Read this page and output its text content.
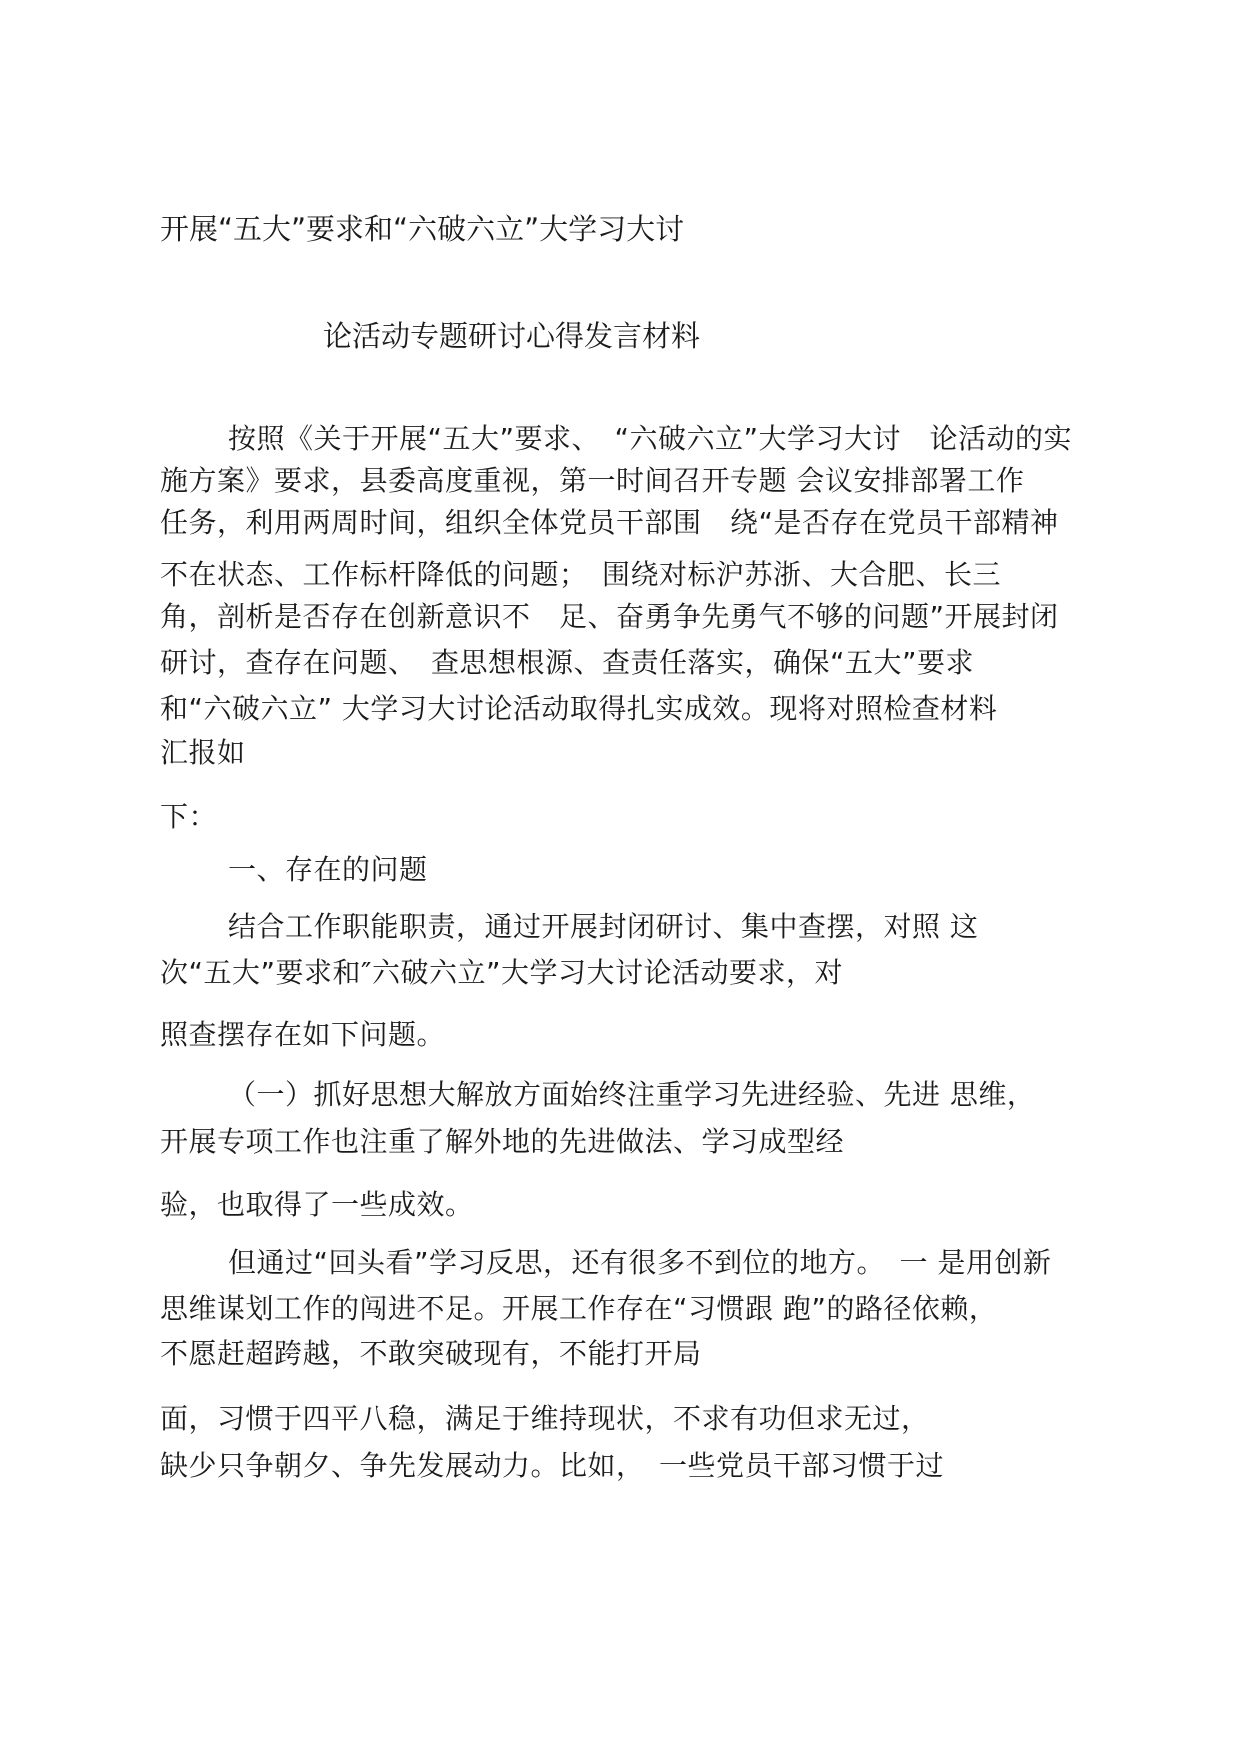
开展“五大”要求和“六破六立”大学习大讨
论活动专题研讨心得发言材料
按照《关于开展“五大”要求、　“六破六立”大学习大讨　论活动的实
施方案》要求，县委高度重视，第一时间召开专题 会议安排部署工作
任务，利用两周时间，组织全体党员干部围　绕“是否存在党员干部精神
不在状态、工作标杆降低的问题；　围绕对标沪苏浙、大合肥、长三
角，剖析是否存在创新意识不　足、奋勇争先勇气不够的问题”开展封闭
研讨，查存在问题、　查思想根源、查责任落实，确保“五大”要求
和“六破六立” 大学习大讨论活动取得扎实成效。现将对照检查材料
汇报如
下：
一、存在的问题
结合工作职能职责，通过开展封闭研讨、集中查摆，对照 这
次“五大”要求和″六破六立”大学习大讨论活动要求，对
照查摆存在如下问题。
（一）抓好思想大解放方面始终注重学习先进经验、先进 思维，
开展专项工作也注重了解外地的先进做法、学习成型经
验，也取得了一些成效。
但通过“回头看”学习反思，还有很多不到位的地方。　一 是用创新
思维谋划工作的闯进不足。开展工作存在“习惯跟 跑”的路径依赖，
不愿赶超跨越，不敢突破现有，不能打开局
面，习惯于四平八稳，满足于维持现状，不求有功但求无过，
缺少只争朝夕、争先发展动力。比如，　一些党员干部习惯于过
